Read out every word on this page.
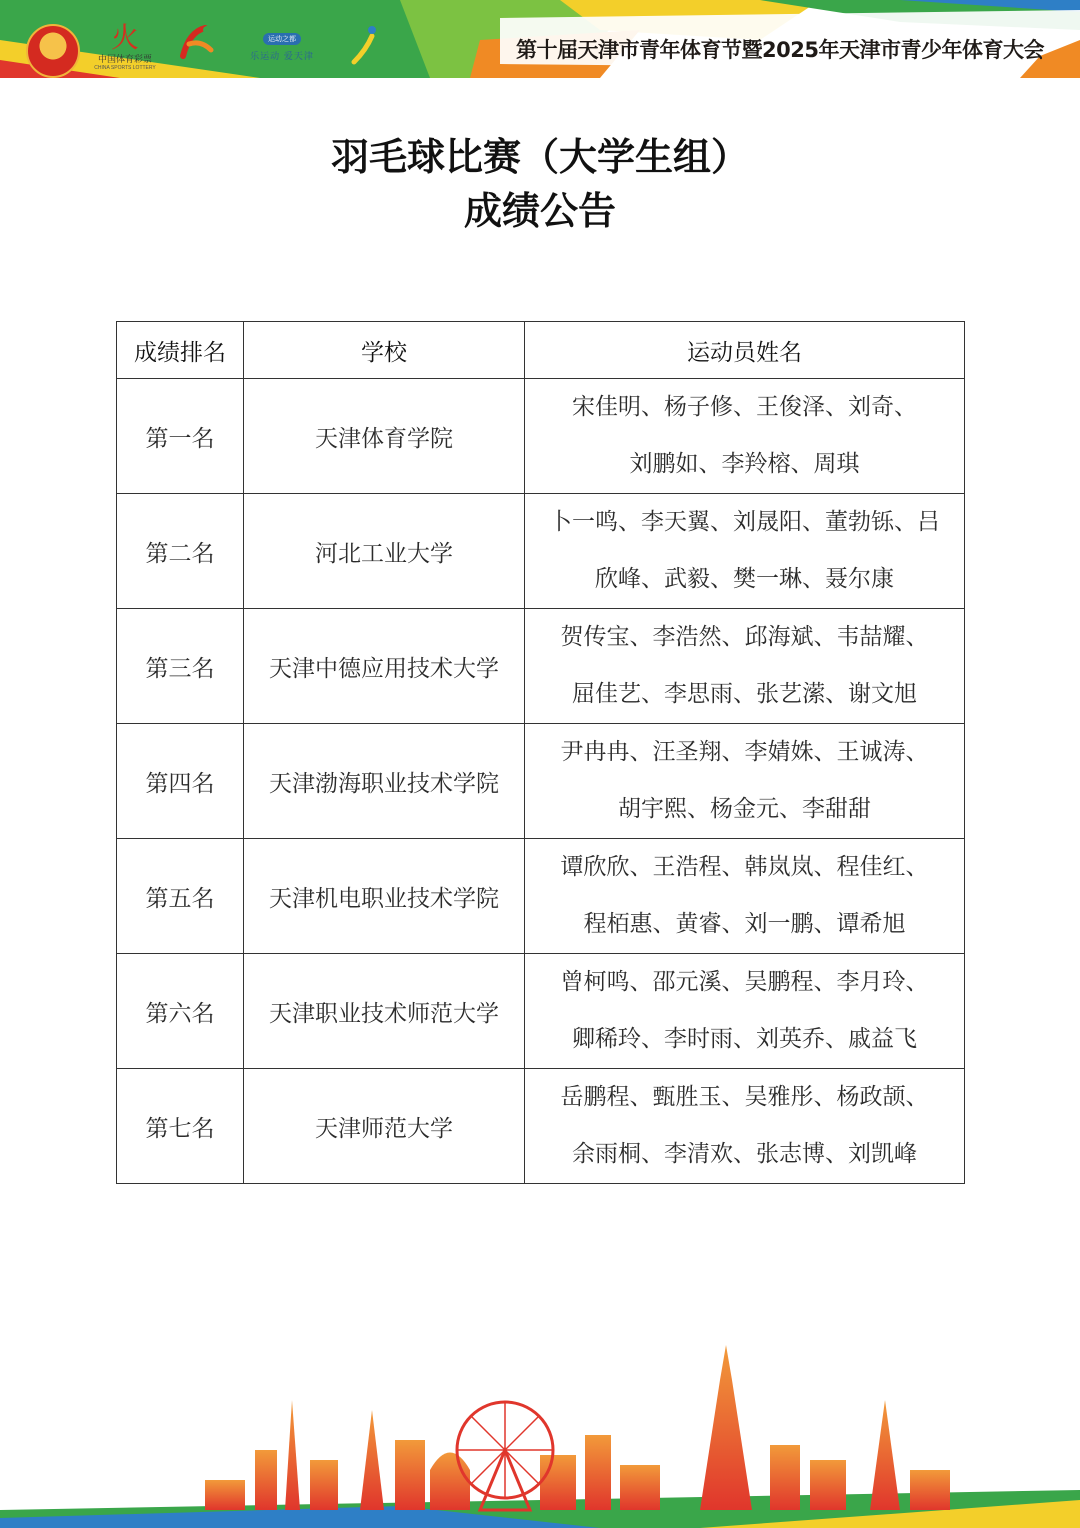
火
中国体育彩票
CHINA SPORTS LOTTERY
运动之都
乐运动 爱天津	第十届天津市青年体育节暨2025年天津市青少年体育大会
羽毛球比赛（大学生组）
成绩公告
成绩排名	学校	运动员姓名
第一名	天津体育学院	宋佳明、杨子修、王俊泽、刘奇、
刘鹏如、李羚榕、周琪

第二名	河北工业大学	卜一鸣、李天翼、刘晟阳、董勃铄、吕
欣峰、武毅、樊一琳、聂尔康

第三名	天津中德应用技术大学	贺传宝、李浩然、邱海斌、韦喆耀、
屈佳艺、李思雨、张艺潆、谢文旭

第四名	天津渤海职业技术学院	尹冉冉、汪圣翔、李婧姝、王诚涛、
胡宇熙、杨金元、李甜甜

第五名	天津机电职业技术学院	谭欣欣、王浩程、韩岚岚、程佳红、
程栢惠、黄睿、刘一鹏、谭希旭

第六名	天津职业技术师范大学	曾柯鸣、邵元溪、吴鹏程、李月玲、
卿稀玲、李时雨、刘英乔、戚益飞

第七名	天津师范大学	岳鹏程、甄胜玉、吴雅彤、杨政颉、
余雨桐、李清欢、张志博、刘凯峰
